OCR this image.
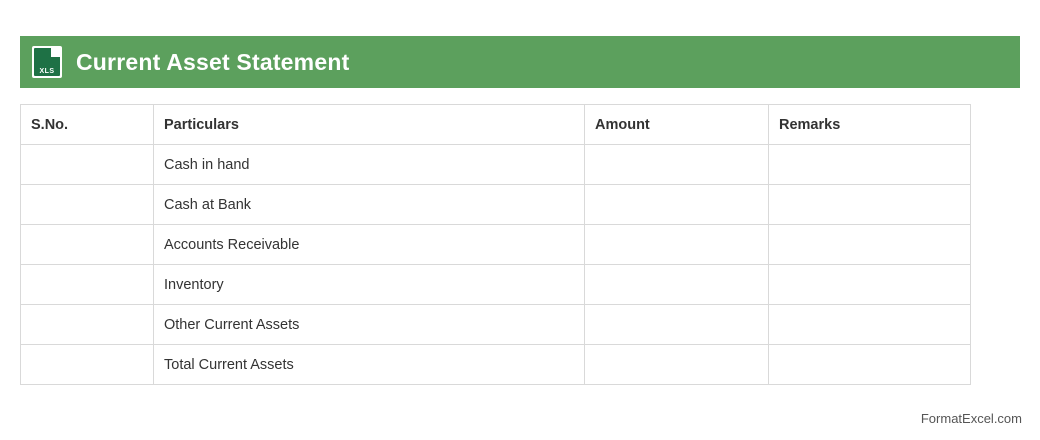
XLS Current Asset Statement
S.No.	Particulars	Amount	Remarks
	Cash in hand		
	Cash at Bank		
	Accounts Receivable		
	Inventory		
	Other Current Assets		
	Total Current Assets		
FormatExcel.com
